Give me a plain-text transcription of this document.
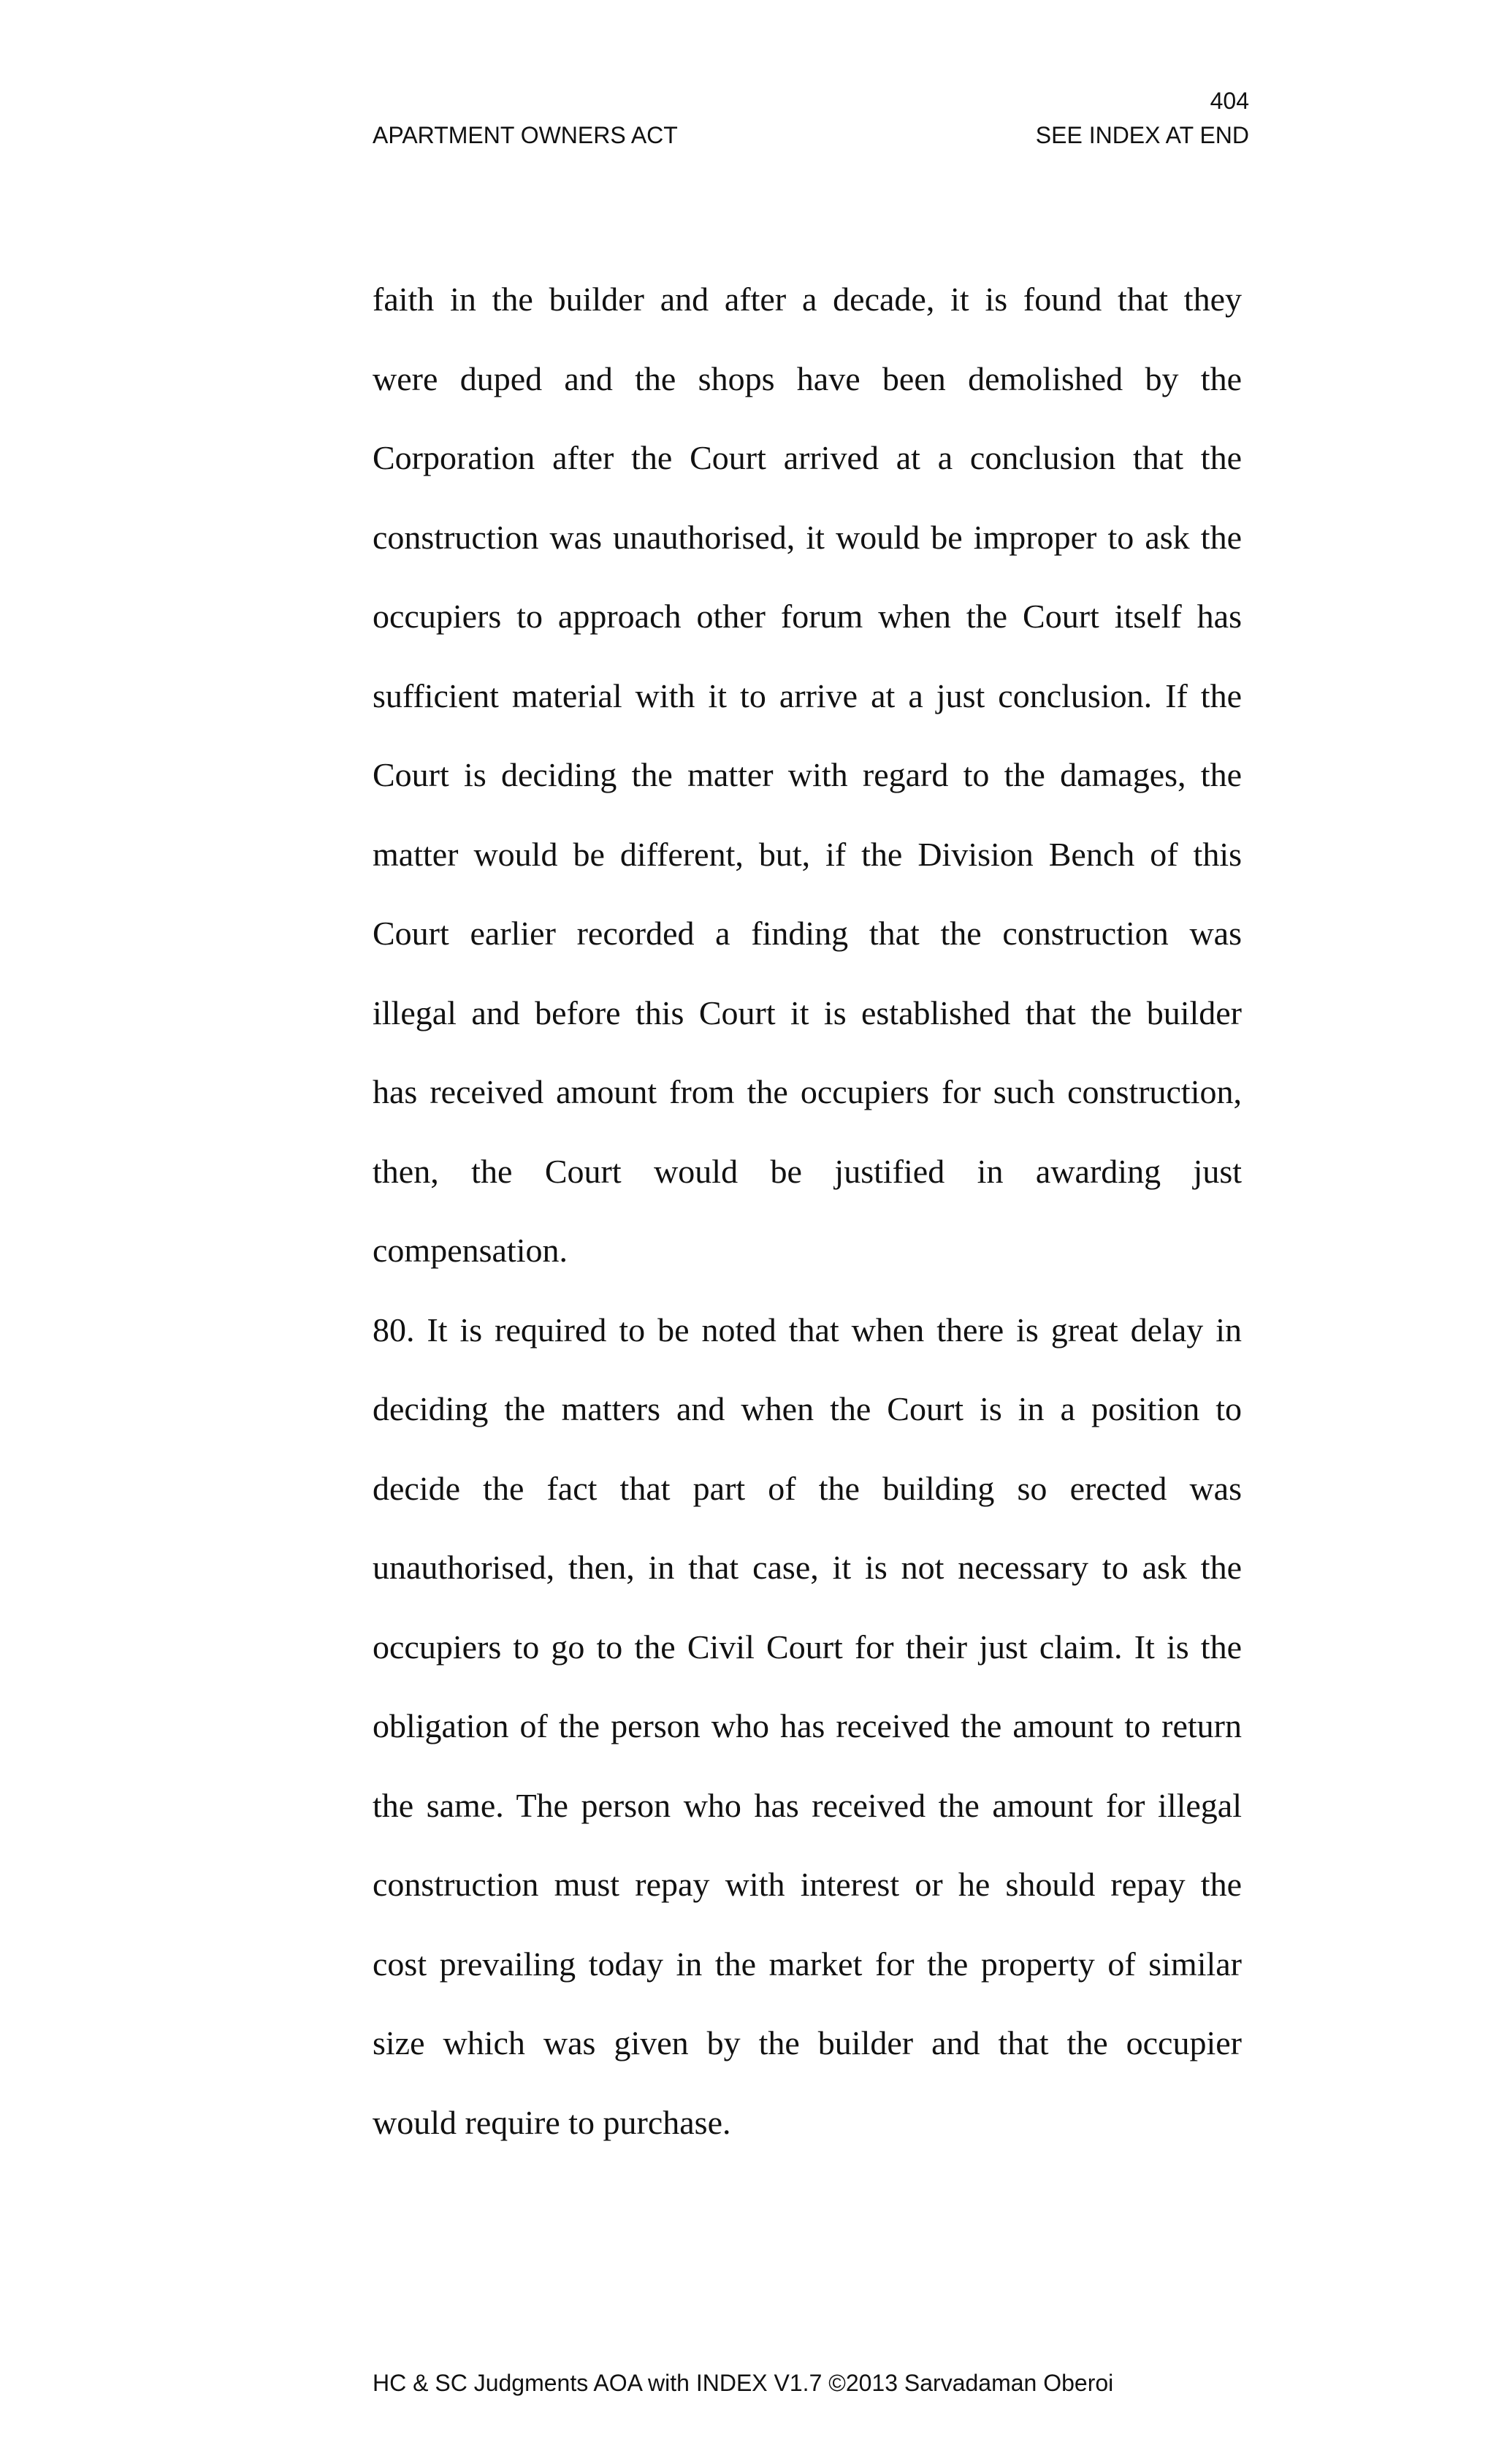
404
APARTMENT OWNERS ACT	SEE INDEX AT END

faith in the builder and after a decade, it is found that they
were duped and the shops have been demolished by the
Corporation after the Court arrived at a conclusion that the
construction was unauthorised, it would be improper to ask the
occupiers to approach other forum when the Court itself has
sufficient material with it to arrive at a just conclusion. If the
Court is deciding the matter with regard to the damages, the
matter would be different, but, if the Division Bench of this
Court earlier recorded a finding that the construction was
illegal and before this Court it is established that the builder
has received amount from the occupiers for such construction,
then, the Court would be justified in awarding just
compensation.

80. It is required to be noted that when there is great delay in
deciding the matters and when the Court is in a position to
decide the fact that part of the building so erected was
unauthorised, then, in that case, it is not necessary to ask the
occupiers to go to the Civil Court for their just claim. It is the
obligation of the person who has received the amount to return
the same. The person who has received the amount for illegal
construction must repay with interest or he should repay the
cost prevailing today in the market for the property of similar
size which was given by the builder and that the occupier
would require to purchase.

HC & SC Judgments AOA with INDEX V1.7 ©2013 Sarvadaman Oberoi
